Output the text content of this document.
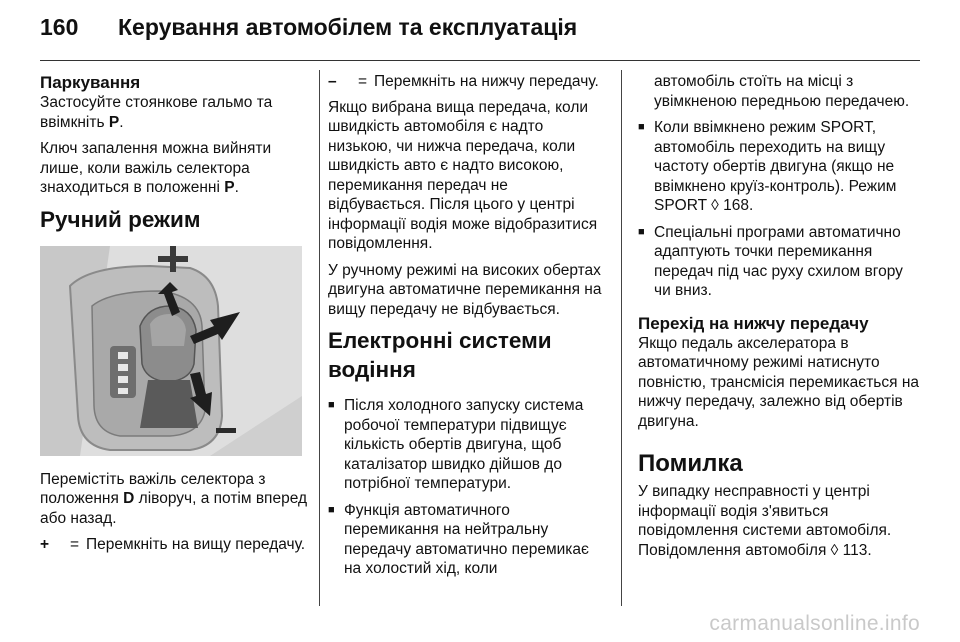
160 Керування автомобілем та експлуатація
Паркування

Застосуйте стоянкове гальмо та ввімкніть P.

Ключ запалення можна вийняти лише, коли важіль селектора знаходиться в положенні P.

Ручний режим

Перемістіть важіль селектора з положення D ліворуч, а потім вперед або назад.

+	= Перемкніть на вищу передачу.
–	= Перемкніть на нижчу передачу.

Якщо вибрана вища передача, коли швидкість автомобіля є надто низькою, чи нижча передача, коли швидкість авто є надто високою, перемикання передач не відбувається. Після цього у центрі інформації водія може відобразитися повідомлення.

У ручному режимі на високих обертах двигуна автоматичне перемикання на вищу передачу не відбувається.

Електронні системи водіння
■ Після холодного запуску система робочої температури підвищує кількість обертів двигуна, щоб каталізатор швидко дійшов до потрібної температури.
■ Функція автоматичного перемикання на нейтральну передачу автоматично перемикає на холостий хід, коли

автомобіль стоїть на місці з увімкненою передньою передачею.

■ Коли ввімкнено режим SPORT, автомобіль переходить на вищу частоту обертів двигуна (якщо не ввімкнено круїз-контроль). Режим SPORT ◊ 168.
■ Спеціальні програми автоматично адаптують точки перемикання передач під час руху схилом вгору чи вниз.
Перехід на нижчу передачу

Якщо педаль акселератора в автоматичному режимі натиснуто повністю, трансмісія перемикається на нижчу передачу, залежно від обертів двигуна.

Помилка

У випадку несправності у центрі інформації водія з'явиться повідомлення системи автомобіля. Повідомлення автомобіля ◊ 113.

carmanualsonline.info
